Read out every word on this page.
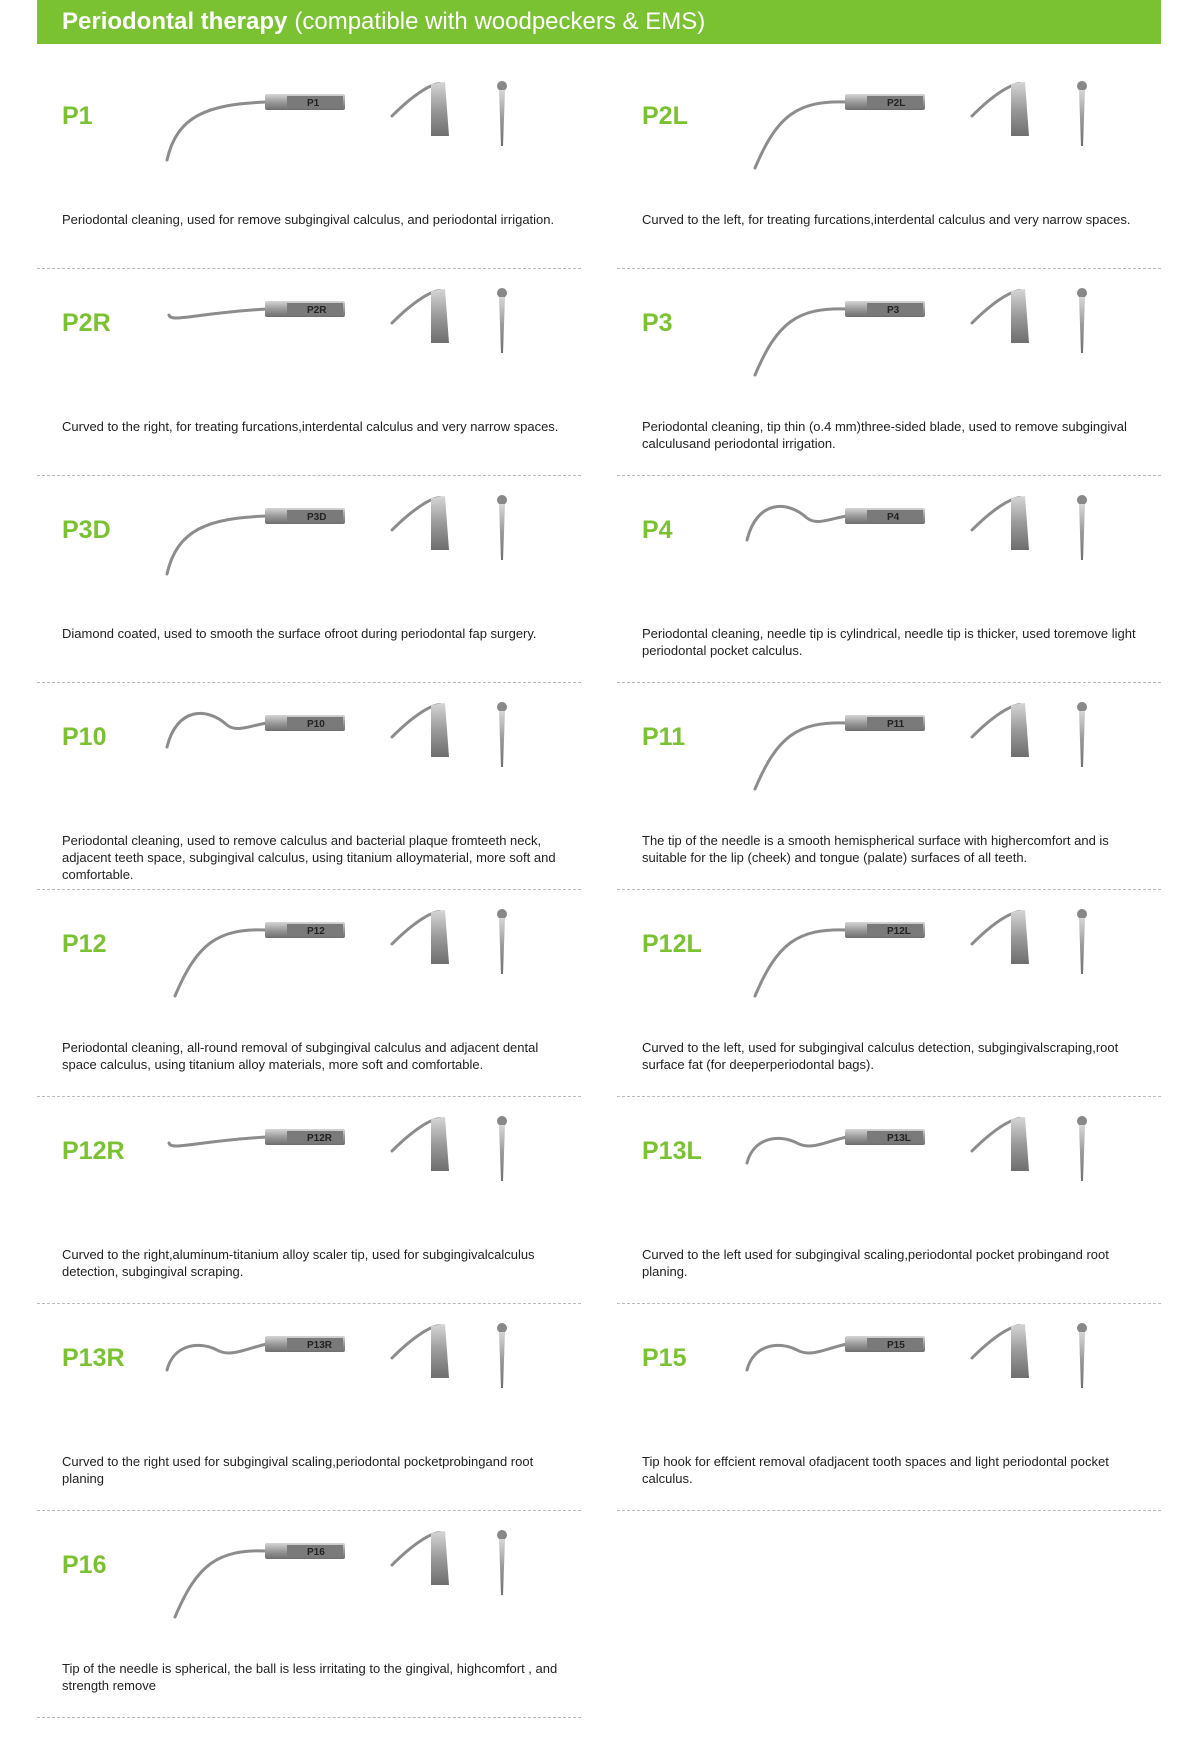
Periodontal therapy (compatible with woodpeckers & EMS)
P1	P1
Periodontal cleaning, used for remove subgingival calculus, and periodontal irrigation.
P2L	P2L
Curved to the left, for treating furcations,interdental calculus and very narrow spaces.
P2R	P2R
Curved to the right, for treating furcations,interdental calculus and very narrow spaces.
P3	P3
Periodontal cleaning, tip thin (o.4 mm)three-sided blade, used to remove subgingival calculusand periodontal irrigation.
P3D	P3D
Diamond coated, used to smooth the surface ofroot during periodontal fap surgery.
P4	P4
Periodontal cleaning, needle tip is cylindrical, needle tip is thicker, used toremove light periodontal pocket calculus.
P10	P10
Periodontal cleaning, used to remove calculus and bacterial plaque fromteeth neck, adjacent teeth space, subgingival calculus, using titanium alloymaterial, more soft and comfortable.
P11	P11
The tip of the needle is a smooth hemispherical surface with highercomfort and is suitable for the lip (cheek) and tongue (palate) surfaces of all teeth.
P12	P12
Periodontal cleaning, all-round removal of subgingival calculus and adjacent dental space calculus, using titanium alloy materials, more soft and comfortable.
P12L	P12L
Curved to the left, used for subgingival calculus detection, subgingivalscraping,root surface fat (for deeperperiodontal bags).
P12R	P12R
Curved to the right,aluminum-titanium alloy scaler tip, used for subgingivalcalculus detection, subgingival scraping.
P13L	P13L
Curved to the left used for subgingival scaling,periodontal pocket probingand root planing.
P13R	P13R
Curved to the right used for subgingival scaling,periodontal pocketprobingand root planing
P15	P15
Tip hook for effcient removal ofadjacent tooth spaces and light periodontal pocket calculus.
P16	P16
Tip of the needle is spherical, the ball is less irritating to the gingival, highcomfort , and strength remove
